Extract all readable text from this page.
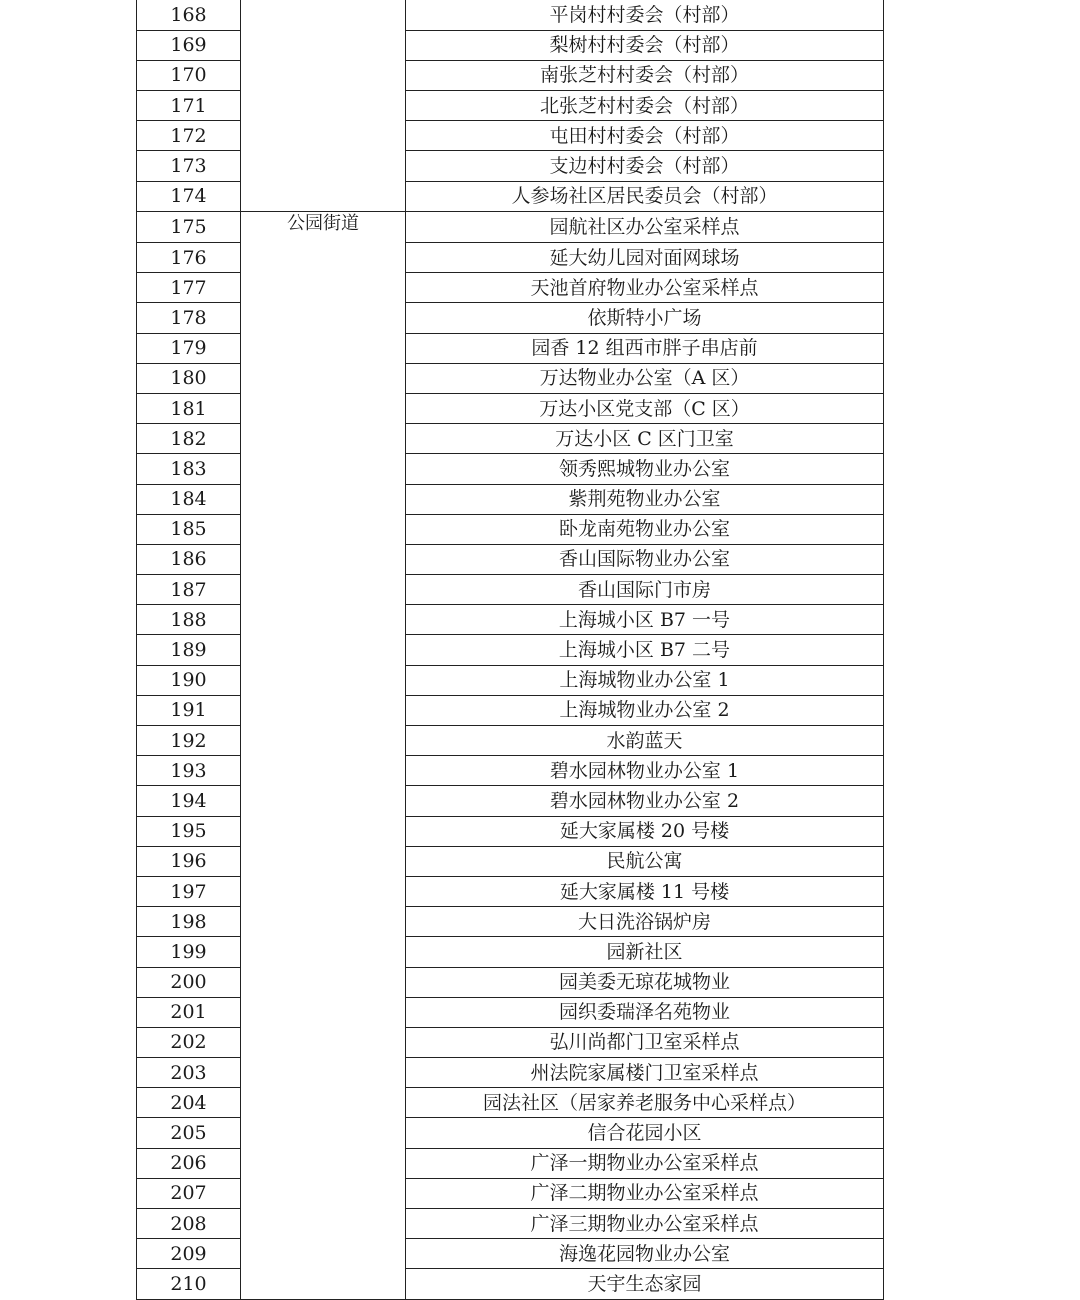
168		平岗村村委会（村部）
169		梨树村村委会（村部）
170		南张芝村村委会（村部）
171		北张芝村村委会（村部）
172		屯田村村委会（村部）
173		支边村村委会（村部）
174		人参场社区居民委员会（村部）
175	公园街道	园航社区办公室采样点
176		延大幼儿园对面网球场
177		天池首府物业办公室采样点
178		依斯特小广场
179		园香 12 组西市胖子串店前
180		万达物业办公室（A 区）
181		万达小区党支部（C 区）
182		万达小区 C 区门卫室
183		领秀熙城物业办公室
184		紫荆苑物业办公室
185		卧龙南苑物业办公室
186		香山国际物业办公室
187		香山国际门市房
188		上海城小区 B7 一号
189		上海城小区 B7 二号
190		上海城物业办公室 1
191		上海城物业办公室 2
192		水韵蓝天
193		碧水园林物业办公室 1
194		碧水园林物业办公室 2
195		延大家属楼 20 号楼
196		民航公寓
197		延大家属楼 11 号楼
198		大日洗浴锅炉房
199		园新社区
200		园美委无琼花城物业
201		园织委瑞泽名苑物业
202		弘川尚都门卫室采样点
203		州法院家属楼门卫室采样点
204		园法社区（居家养老服务中心采样点）
205		信合花园小区
206		广泽一期物业办公室采样点
207		广泽二期物业办公室采样点
208		广泽三期物业办公室采样点
209		海逸花园物业办公室
210		天宇生态家园
